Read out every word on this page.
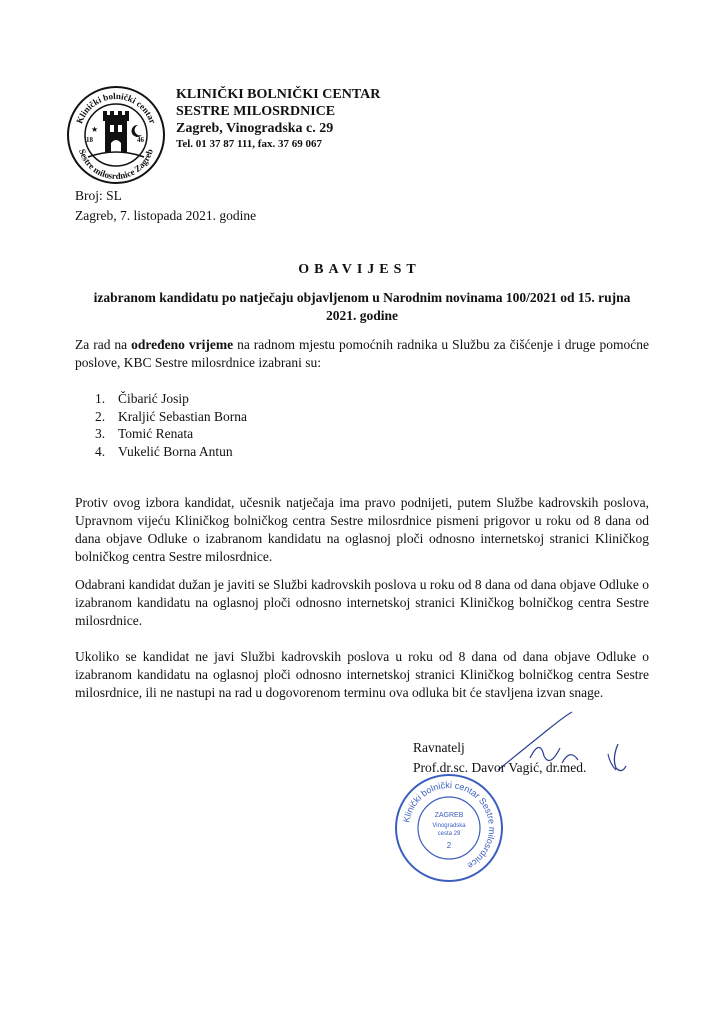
Klinički bolnički centar
Sestre milosrdnice Zagreb
★
18	46
KLINIČKI BOLNIČKI CENTAR
SESTRE MILOSRDNICE
Zagreb, Vinogradska c. 29
Tel. 01 37 87 111, fax. 37 69 067
Broj: SL
Zagreb, 7. listopada 2021. godine
OBAVIJEST
izabranom kandidatu po natječaju objavljenom u Narodnim novinama 100/2021 od 15. rujna
2021. godine
Za rad na određeno vrijeme na radnom mjestu pomoćnih radnika u Službu za čišćenje i druge pomoćne poslove, KBC Sestre milosrdnice izabrani su:
1. Čibarić Josip
2. Kraljić Sebastian Borna
3. Tomić Renata
4. Vukelić Borna Antun
Protiv ovog izbora kandidat, učesnik natječaja ima pravo podnijeti, putem Službe kadrovskih poslova, Upravnom vijeću Kliničkog bolničkog centra Sestre milosrdnice pismeni prigovor u roku od 8 dana od dana objave Odluke o izabranom kandidatu na oglasnoj ploči odnosno internetskoj stranici Kliničkog bolničkog centra Sestre milosrdnice.
Odabrani kandidat dužan je javiti se Službi kadrovskih poslova u roku od 8 dana od dana objave Odluke o izabranom kandidatu na oglasnoj ploči odnosno internetskoj stranici Kliničkog bolničkog centra Sestre milosrdnice.
Ukoliko se kandidat ne javi Službi kadrovskih poslova u roku od 8 dana od dana objave Odluke o izabranom kandidatu na oglasnoj ploči odnosno internetskoj stranici Kliničkog bolničkog centra Sestre milosrdnice, ili ne nastupi na rad u dogovorenom terminu ova odluka bit će stavljena izvan snage.
Ravnatelj
Prof.dr.sc. Davor Vagić, dr.med.
Klinički bolnički centar Sestre milosrdnice
ZAGREB
Vinogradska
cesta 29
2
